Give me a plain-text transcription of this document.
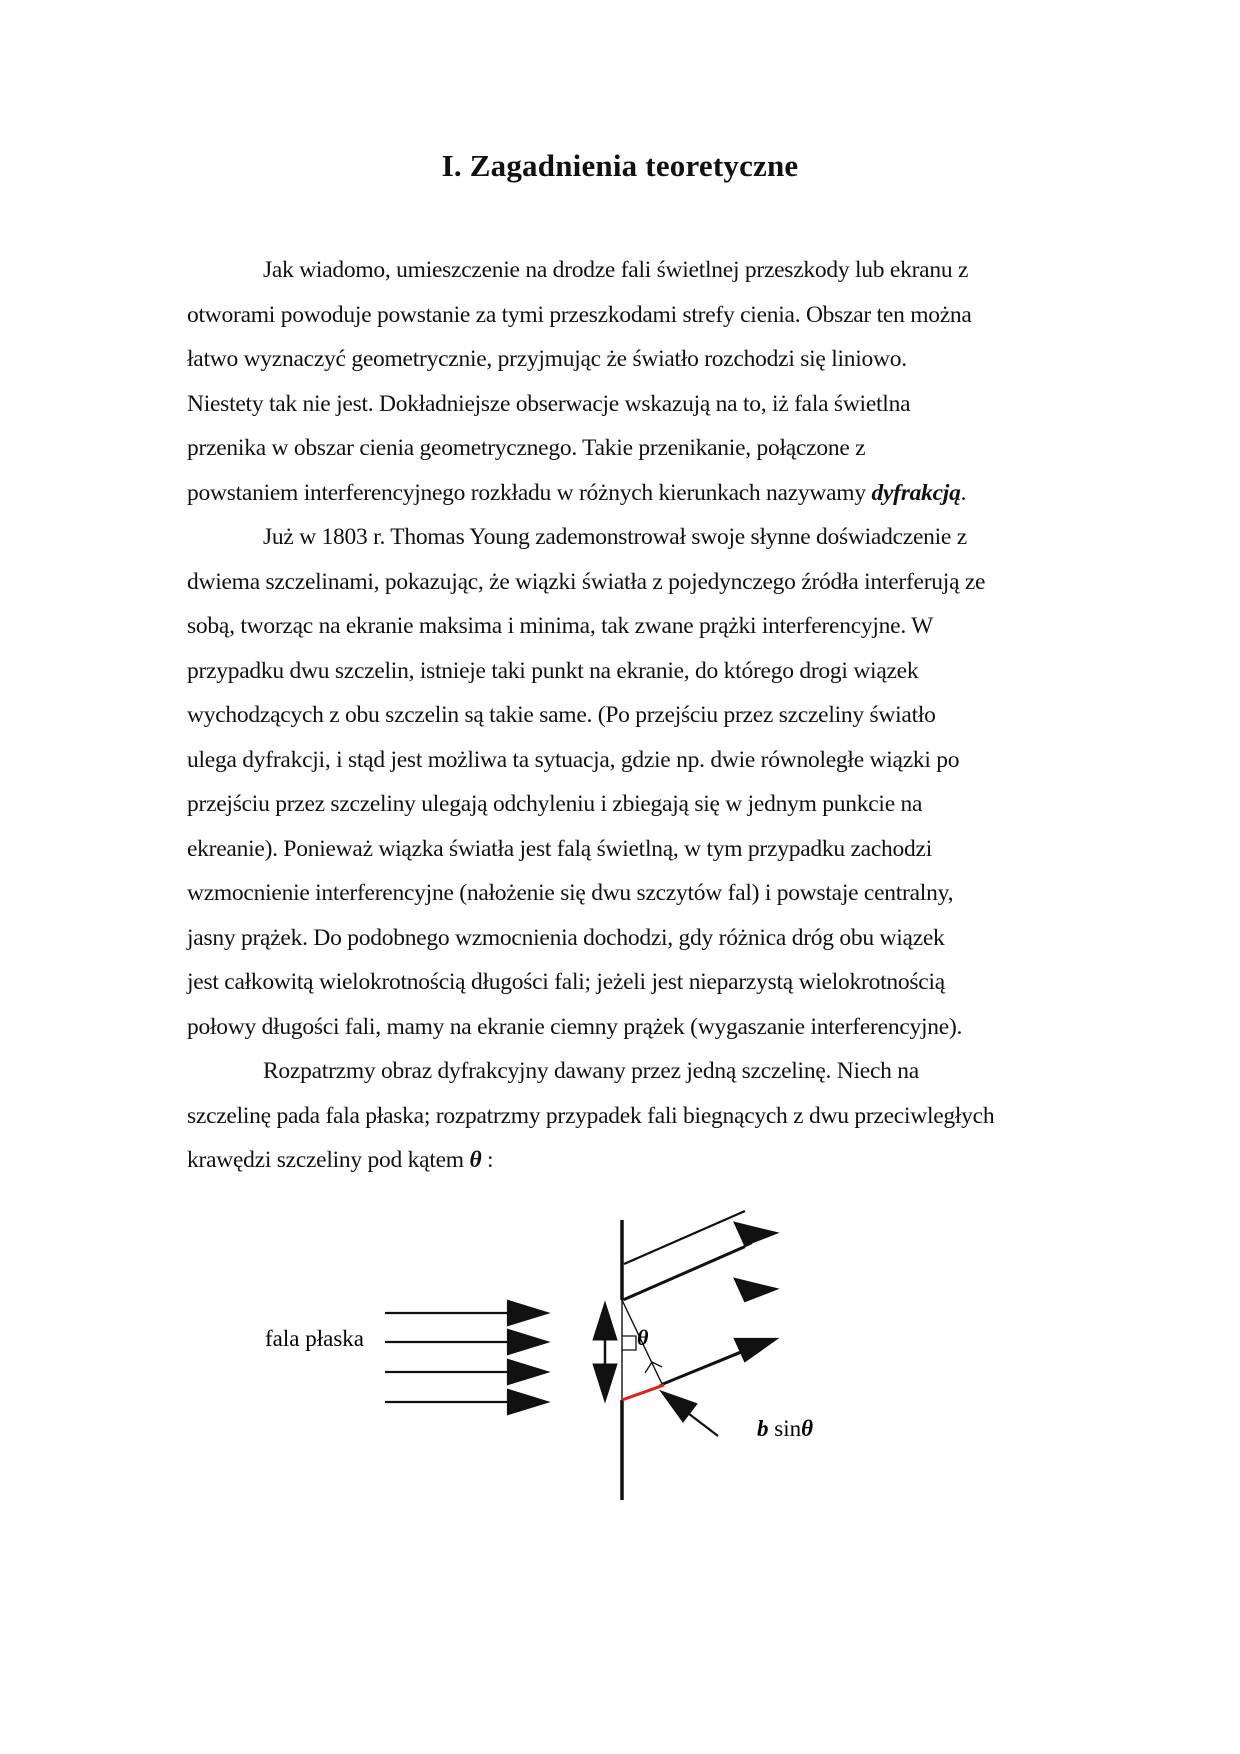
I. Zagadnienia teoretyczne

Jak wiadomo, umieszczenie na drodze fali świetlnej przeszkody lub ekranu z
otworami powoduje powstanie za tymi przeszkodami strefy cienia. Obszar ten można
łatwo wyznaczyć geometrycznie, przyjmując że światło rozchodzi się liniowo.
Niestety tak nie jest. Dokładniejsze obserwacje wskazują na to, iż fala świetlna
przenika w obszar cienia geometrycznego. Takie przenikanie, połączone z
powstaniem interferencyjnego rozkładu w różnych kierunkach nazywamy dyfrakcją.

Już w 1803 r. Thomas Young zademonstrował swoje słynne doświadczenie z
dwiema szczelinami, pokazując, że wiązki światła z pojedynczego źródła interferują ze
sobą, tworząc na ekranie maksima i minima, tak zwane prążki interferencyjne. W
przypadku dwu szczelin, istnieje taki punkt na ekranie, do którego drogi wiązek
wychodzących z obu szczelin są takie same. (Po przejściu przez szczeliny światło
ulega dyfrakcji, i stąd jest możliwa ta sytuacja, gdzie np. dwie równoległe wiązki po
przejściu przez szczeliny ulegają odchyleniu i zbiegają się w jednym punkcie na
ekreanie). Ponieważ wiązka światła jest falą świetlną, w tym przypadku zachodzi
wzmocnienie interferencyjne (nałożenie się dwu szczytów fal) i powstaje centralny,
jasny prążek. Do podobnego wzmocnienia dochodzi, gdy różnica dróg obu wiązek
jest całkowitą wielokrotnością długości fali; jeżeli jest nieparzystą wielokrotnością
połowy długości fali, mamy na ekranie ciemny prążek (wygaszanie interferencyjne).

Rozpatrzmy obraz dyfrakcyjny dawany przez jedną szczelinę. Niech na
szczelinę pada fala płaska; rozpatrzmy przypadek fali biegnących z dwu przeciwległych
krawędzi szczeliny pod kątem θ :

fala płaska	θ
b sinθ
